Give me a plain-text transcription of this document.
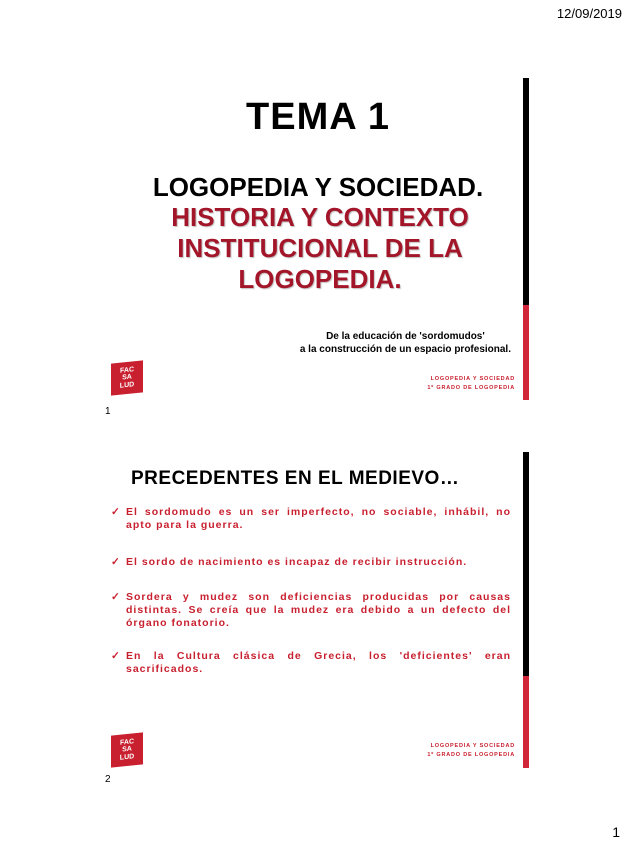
12/09/2019
TEMA 1
LOGOPEDIA Y SOCIEDAD.
HISTORIA Y CONTEXTO INSTITUCIONAL DE LA LOGOPEDIA.
De la educación de 'sordomudos'
a la construcción de un espacio profesional.
FAC
SA
LUD
LOGOPEDIA Y SOCIEDAD
1º GRADO DE LOGOPEDIA
1
PRECEDENTES EN EL MEDIEVO…
✓ El sordomudo es un ser imperfecto, no sociable, inhábil, no apto para la guerra.
✓ El sordo de nacimiento es incapaz de recibir instrucción.
✓ Sordera y mudez son deficiencias producidas por causas distintas. Se creía que la mudez era debido a un defecto del órgano fonatorio.
✓ En la Cultura clásica de Grecia, los 'deficientes' eran sacrificados.
FAC
SA
LUD
LOGOPEDIA Y SOCIEDAD
1º GRADO DE LOGOPEDIA
2
1
